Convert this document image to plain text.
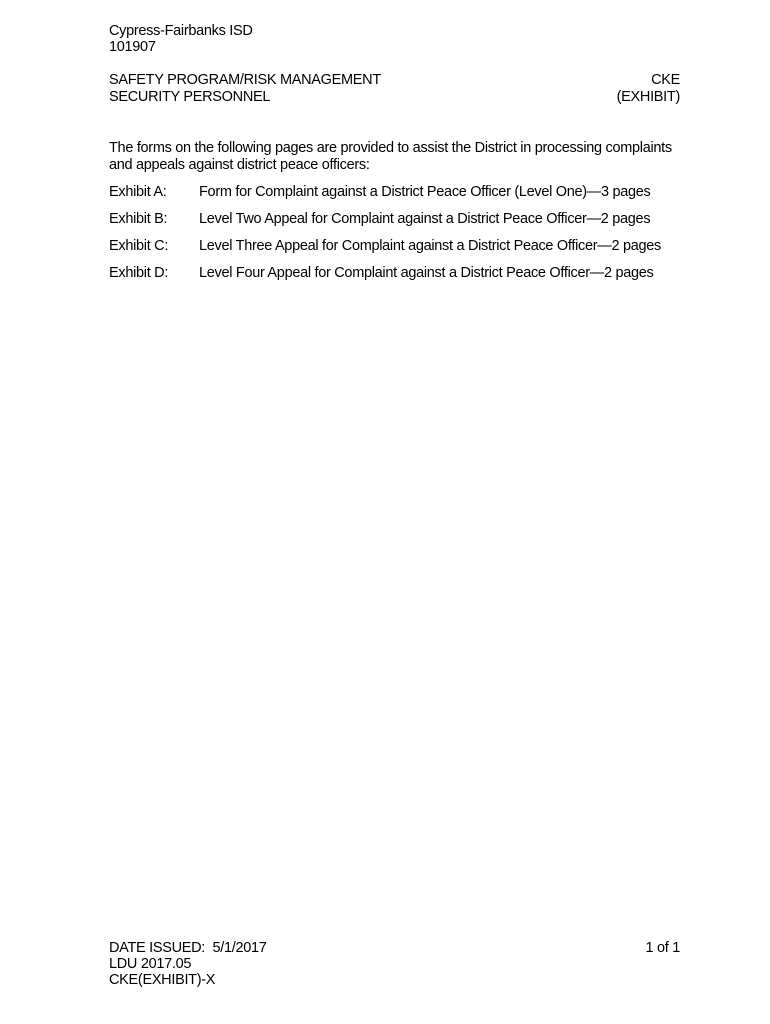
Cypress-Fairbanks ISD
101907
SAFETY PROGRAM/RISK MANAGEMENT	CKE
SECURITY PERSONNEL	(EXHIBIT)
The forms on the following pages are provided to assist the District in processing complaints and appeals against district peace officers:
Exhibit A:	Form for Complaint against a District Peace Officer (Level One)—3 pages
Exhibit B:	Level Two Appeal for Complaint against a District Peace Officer—2 pages
Exhibit C:	Level Three Appeal for Complaint against a District Peace Officer—2 pages
Exhibit D:	Level Four Appeal for Complaint against a District Peace Officer—2 pages
DATE ISSUED:  5/1/2017	1 of 1
LDU 2017.05
CKE(EXHIBIT)-X
